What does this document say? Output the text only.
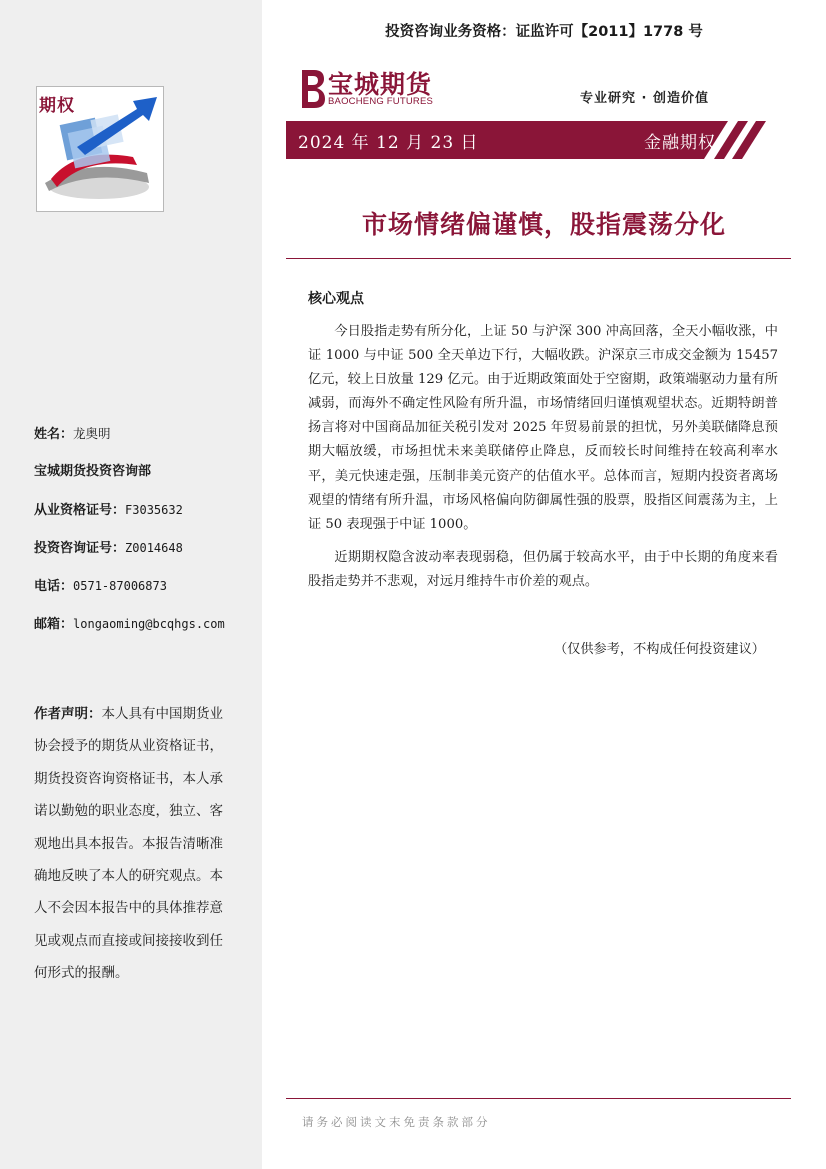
期权
姓名：龙奥明
宝城期货投资咨询部
从业资格证号：F3035632
投资咨询证号：Z0014648
电话：0571-87006873
邮箱：longaoming@bcqhgs.com
作者声明：本人具有中国期货业协会授予的期货从业资格证书，期货投资咨询资格证书，本人承诺以勤勉的职业态度，独立、客观地出具本报告。本报告清晰准确地反映了本人的研究观点。本人不会因本报告中的具体推荐意见或观点而直接或间接接收到任何形式的报酬。
投资咨询业务资格：证监许可【2011】1778 号
宝城期货
BAOCHENG FUTURES	专业研究 · 创造价值
2024 年 12 月 23 日	金融期权
市场情绪偏谨慎，股指震荡分化
核心观点

今日股指走势有所分化，上证 50 与沪深 300 冲高回落，全天小幅收涨，中证 1000 与中证 500 全天单边下行，大幅收跌。沪深京三市成交金额为 15457 亿元，较上日放量 129 亿元。由于近期政策面处于空窗期，政策端驱动力量有所减弱，而海外不确定性风险有所升温，市场情绪回归谨慎观望状态。近期特朗普扬言将对中国商品加征关税引发对 2025 年贸易前景的担忧，另外美联储降息预期大幅放缓，市场担忧未来美联储停止降息，反而较长时间维持在较高利率水平，美元快速走强，压制非美元资产的估值水平。总体而言，短期内投资者离场观望的情绪有所升温，市场风格偏向防御属性强的股票，股指区间震荡为主，上证 50 表现强于中证 1000。

近期期权隐含波动率表现弱稳，但仍属于较高水平，由于中长期的角度来看股指走势并不悲观，对远月维持牛市价差的观点。

（仅供参考，不构成任何投资建议）
请务必阅读文末免责条款部分
